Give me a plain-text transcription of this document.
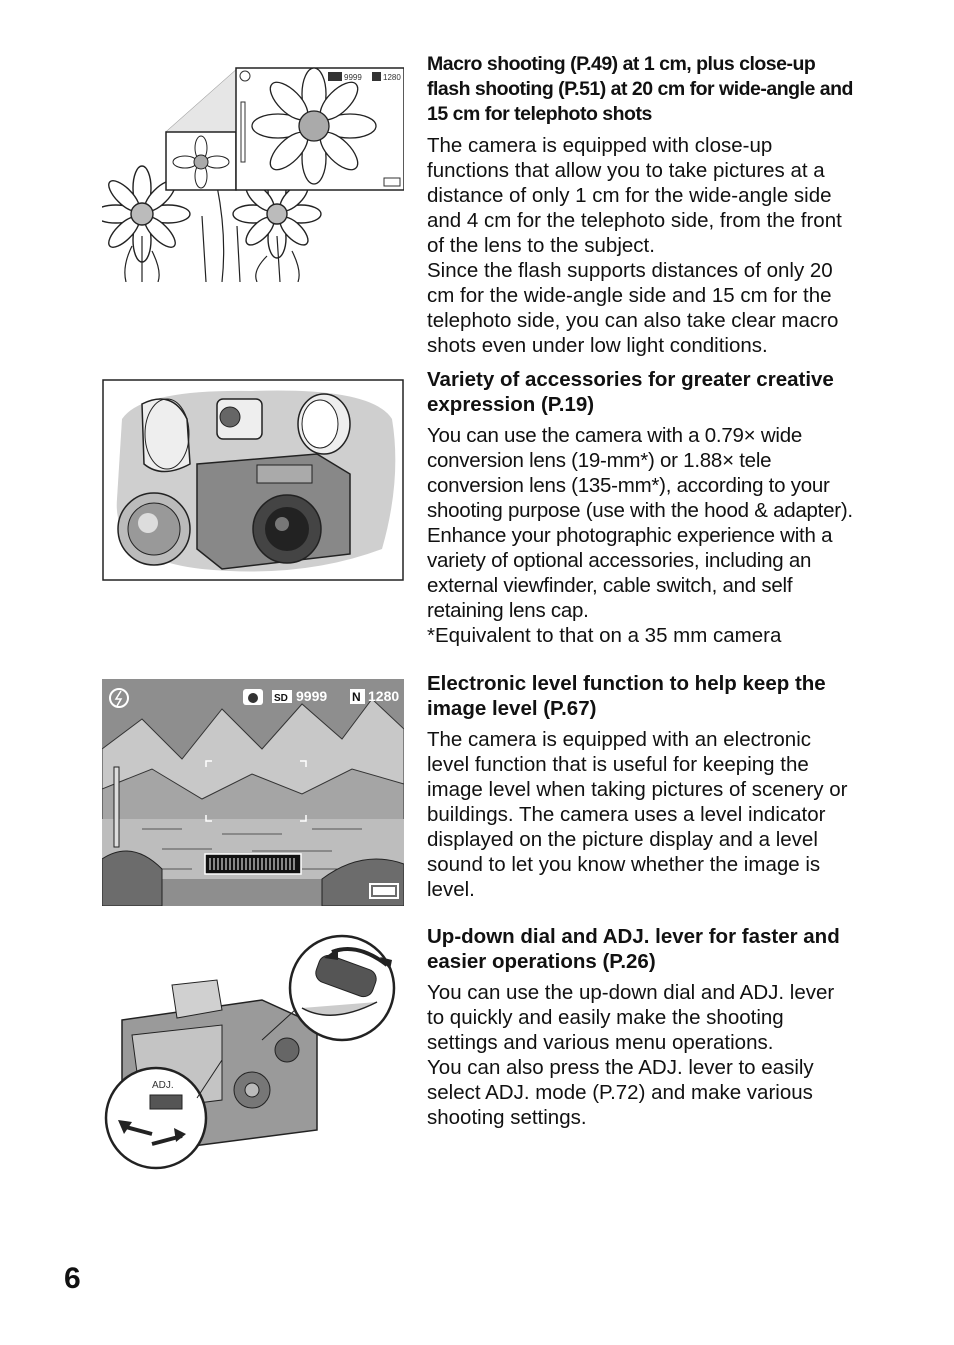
9999	1280
Macro shooting (P.49) at 1 cm, plus close-up flash shooting (P.51) at 20 cm for wide-angle and 15 cm for telephoto shots

The camera is equipped with close-up functions that allow you to take pictures at a distance of only 1 cm for the wide-angle side and 4 cm for the telephoto side, from the front of the lens to the subject.

Since the flash supports distances of only 20 cm for the wide-angle side and 15 cm for the telephoto side, you can also take clear macro shots even under low light conditions.

Variety of accessories for greater creative expression (P.19)

You can use the camera with a 0.79× wide conversion lens (19-mm*) or 1.88× tele conversion lens (135-mm*), according to your shooting purpose (use with the hood & adapter). Enhance your photographic experience with a variety of optional accessories, including an external viewfinder, cable switch, and self retaining lens cap.

*Equivalent to that on a 35 mm camera

SD 9999 N 1280
Electronic level function to help keep the image level (P.67)

The camera is equipped with an electronic level function that is useful for keeping the image level when taking pictures of scenery or buildings. The camera uses a level indicator displayed on the picture display and a level sound to let you know whether the image is level.

ADJ.
Up-down dial and ADJ. lever for faster and easier operations (P.26)

You can use the up-down dial and ADJ. lever to quickly and easily make the shooting settings and various menu operations.

You can also press the ADJ. lever to easily select ADJ. mode (P.72) and make various shooting settings.

6
